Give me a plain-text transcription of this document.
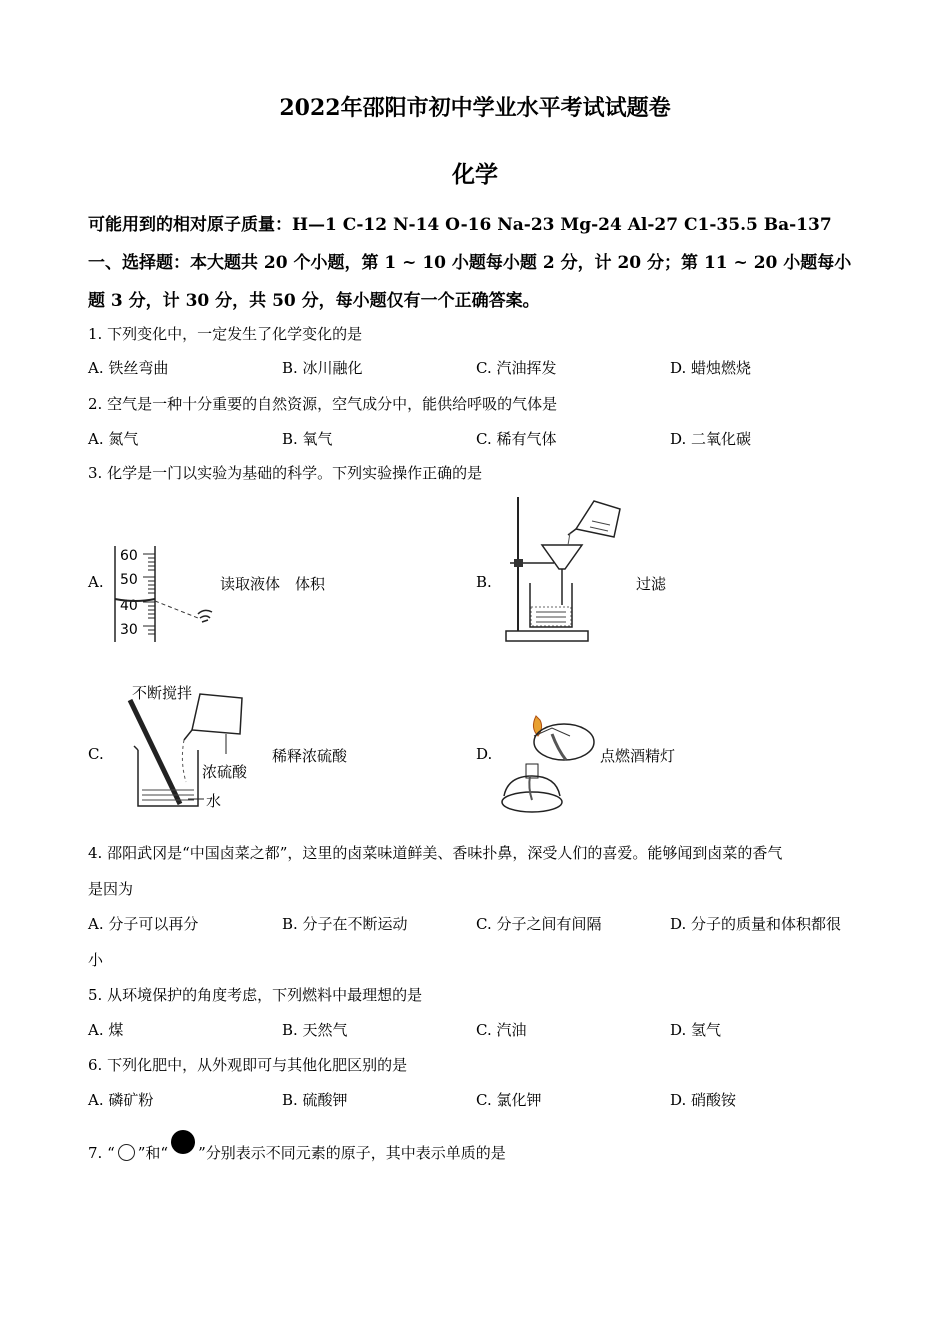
2022年邵阳市初中学业水平考试试题卷
化学
可能用到的相对原子质量：H—1 C-12 N-14 O-16 Na-23 Mg-24 Al-27 C1-35.5 Ba-137
一、选择题：本大题共 20 个小题，第 1 ~ 10 小题每小题 2 分，计 20 分；第 11 ~ 20 小题每小
题 3 分，计 30 分，共 50 分，每小题仅有一个正确答案。
1. 下列变化中，一定发生了化学变化的是
A. 铁丝弯曲	B. 冰川融化	C. 汽油挥发	D. 蜡烛燃烧
2. 空气是一种十分重要的自然资源，空气成分中，能供给呼吸的气体是
A. 氮气	B. 氧气	C. 稀有气体	D. 二氧化碳
3. 化学是一门以实验为基础的科学。下列实验操作正确的是
A.
60
50
40
30
读取液体　体积	B.	过滤
C.
不断搅拌
浓硫酸
水
稀释浓硫酸	D.	点燃酒精灯
4. 邵阳武冈是“中国卤菜之都”，这里的卤菜味道鲜美、香味扑鼻，深受人们的喜爱。能够闻到卤菜的香气
是因为
A. 分子可以再分	B. 分子在不断运动	C. 分子之间有间隔	D. 分子的质量和体积都很
小
5. 从环境保护的角度考虑，下列燃料中最理想的是
A. 煤	B. 天然气	C. 汽油	D. 氢气
6. 下列化肥中，从外观即可与其他化肥区别的是
A. 磷矿粉	B. 硫酸钾	C. 氯化钾	D. 硝酸铵
7. “ ”和“ ”分别表示不同元素的原子，其中表示单质的是
